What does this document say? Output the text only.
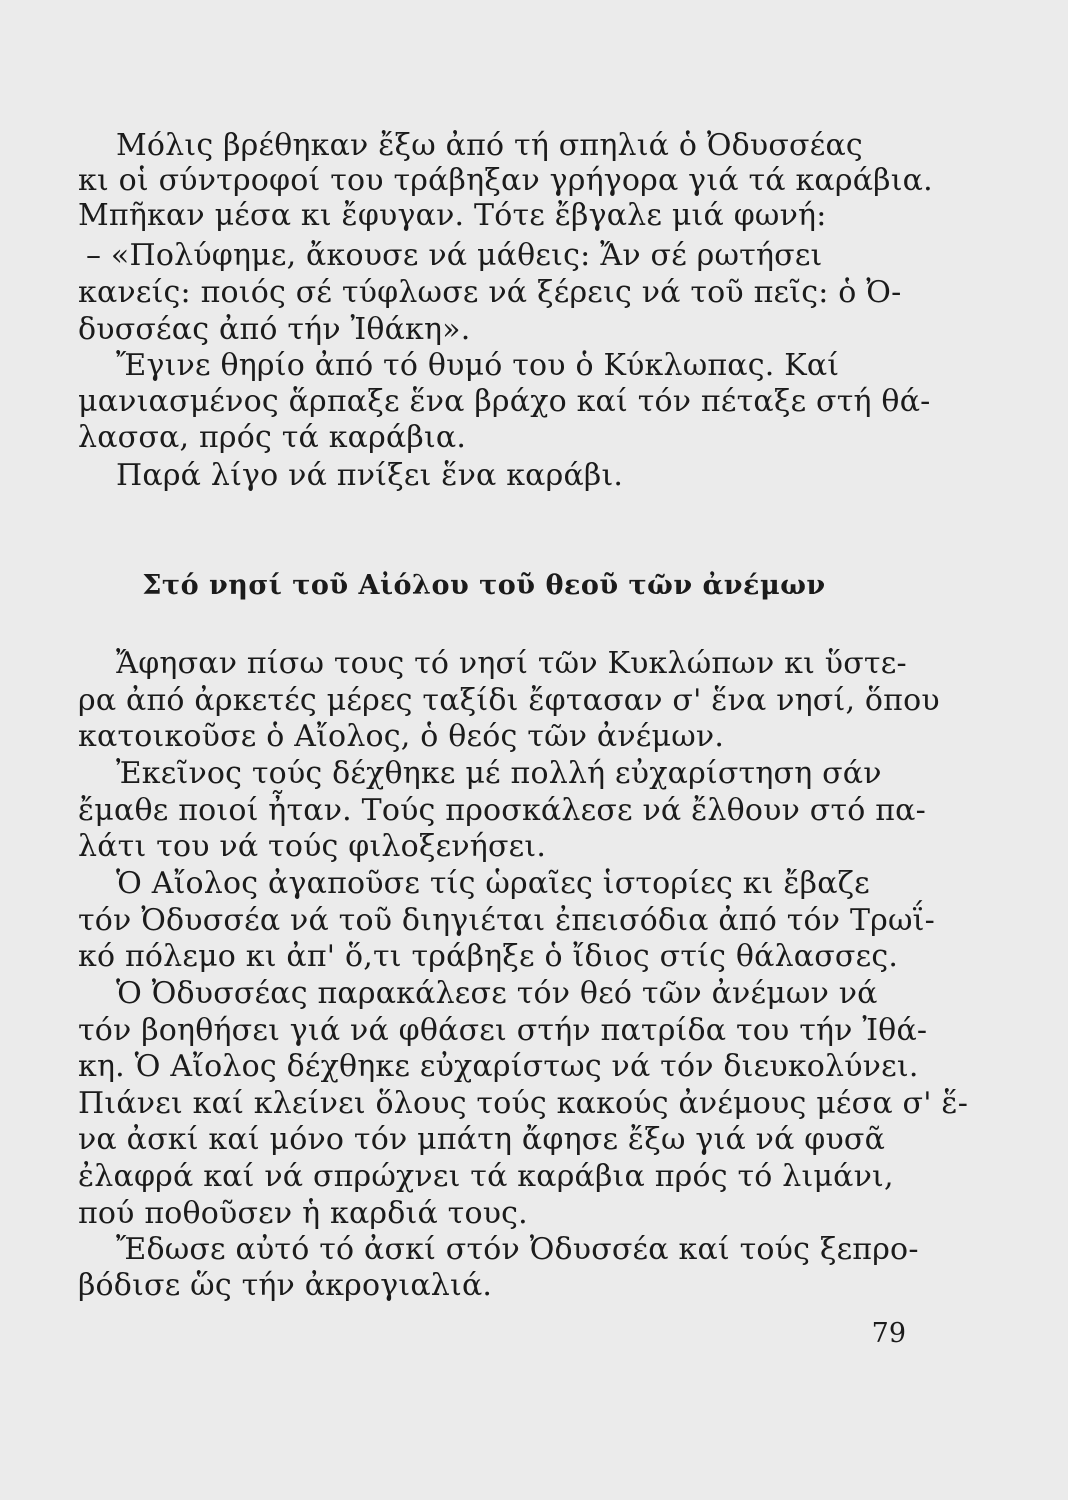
Μόλις βρέθηκαν ἔξω ἀπό τή σπηλιά ὁ Ὀδυσσέας
κι οἱ σύντροφοί του τράβηξαν γρήγορα γιά τά καράβια.
Μπῆκαν μέσα κι ἔφυγαν. Τότε ἔβγαλε μιά φωνή:
– «Πολύφημε, ἄκουσε νά μάθεις: Ἄν σέ ρωτήσει
κανείς: ποιός σέ τύφλωσε νά ξέρεις νά τοῦ πεῖς: ὁ Ὀ-
δυσσέας ἀπό τήν Ἰθάκη».
Ἔγινε θηρίο ἀπό τό θυμό του ὁ Κύκλωπας. Καί
μανιασμένος ἅρπαξε ἕνα βράχο καί τόν πέταξε στή θά-
λασσα, πρός τά καράβια.
Παρά λίγο νά πνίξει ἕνα καράβι.
Στό νησί τοῦ Αἰόλου τοῦ θεοῦ τῶν ἀνέμων
Ἄφησαν πίσω τους τό νησί τῶν Κυκλώπων κι ὕστε-
ρα ἀπό ἀρκετές μέρες ταξίδι ἔφτασαν σ' ἕνα νησί, ὅπου
κατοικοῦσε ὁ Αἴολος, ὁ θεός τῶν ἀνέμων.
Ἐκεῖνος τούς δέχθηκε μέ πολλή εὐχαρίστηση σάν
ἔμαθε ποιοί ἦταν. Τούς προσκάλεσε νά ἔλθουν στό πα-
λάτι του νά τούς φιλοξενήσει.
Ὁ Αἴολος ἀγαποῦσε τίς ὡραῖες ἱστορίες κι ἔβαζε
τόν Ὀδυσσέα νά τοῦ διηγιέται ἐπεισόδια ἀπό τόν Τρωΐ-
κό πόλεμο κι ἀπ' ὅ,τι τράβηξε ὁ ἴδιος στίς θάλασσες.
Ὁ Ὀδυσσέας παρακάλεσε τόν θεό τῶν ἀνέμων νά
τόν βοηθήσει γιά νά φθάσει στήν πατρίδα του τήν Ἰθά-
κη. Ὁ Αἴολος δέχθηκε εὐχαρίστως νά τόν διευκολύνει.
Πιάνει καί κλείνει ὅλους τούς κακούς ἀνέμους μέσα σ' ἕ-
να ἀσκί καί μόνο τόν μπάτη ἄφησε ἔξω γιά νά φυσᾶ
ἐλαφρά καί νά σπρώχνει τά καράβια πρός τό λιμάνι,
πού ποθοῦσεν ἡ καρδιά τους.
Ἔδωσε αὐτό τό ἀσκί στόν Ὀδυσσέα καί τούς ξεπρο-
βόδισε ὥς τήν ἀκρογιαλιά.
79
